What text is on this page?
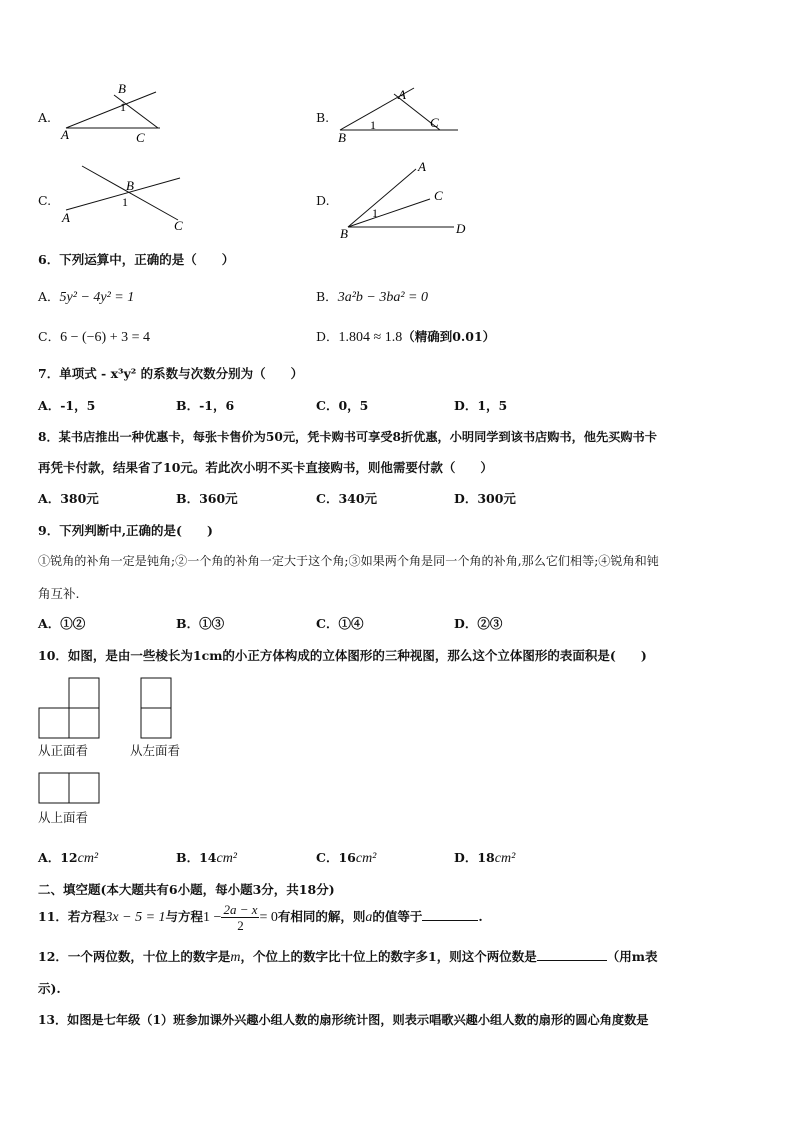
A.
B
1
A	C
B.
A
1
B
C
C.
B
1
A
C
D.
A
C
1
B	D
6．下列运算中，正确的是（　　）
A．5y² − 4y² = 1	B．3a²b − 3ba² = 0
C．6 − (−6) + 3 = 4	D．1.804 ≈ 1.8（精确到0.01）
7．单项式 - x³y² 的系数与次数分别为（　　）
A．-1，5	B．-1，6	C．0，5	D．1，5
8．某书店推出一种优惠卡，每张卡售价为50元，凭卡购书可享受8折优惠，小明同学到该书店购书，他先买购书卡
再凭卡付款，结果省了10元。若此次小明不买卡直接购书，则他需要付款（　　）
A．380元	B．360元	C．340元	D．300元
9．下列判断中,正确的是(　　)
①锐角的补角一定是钝角;②一个角的补角一定大于这个角;③如果两个角是同一个角的补角,那么它们相等;④锐角和钝
角互补.
A．①②	B．①③	C．①④	D．②③
10．如图，是由一些棱长为1cm的小正方体构成的立体图形的三种视图，那么这个立体图形的表面积是(　　)
从正面看	从左面看
从上面看
A．12cm²	B．14cm²	C．16cm²	D．18cm²
二、填空题(本大题共有6小题，每小题3分，共18分)
11．若方程3x − 5 = 1与方程$1 - \frac{2a - x}{2} = 0$有相同的解，则a的值等于	.
12．一个两位数，十位上的数字是m，个位上的数字比十位上的数字多1，则这个两位数是	（用m表
示).
13．如图是七年级（1）班参加课外兴趣小组人数的扇形统计图，则表示唱歌兴趣小组人数的扇形的圆心角度数是
